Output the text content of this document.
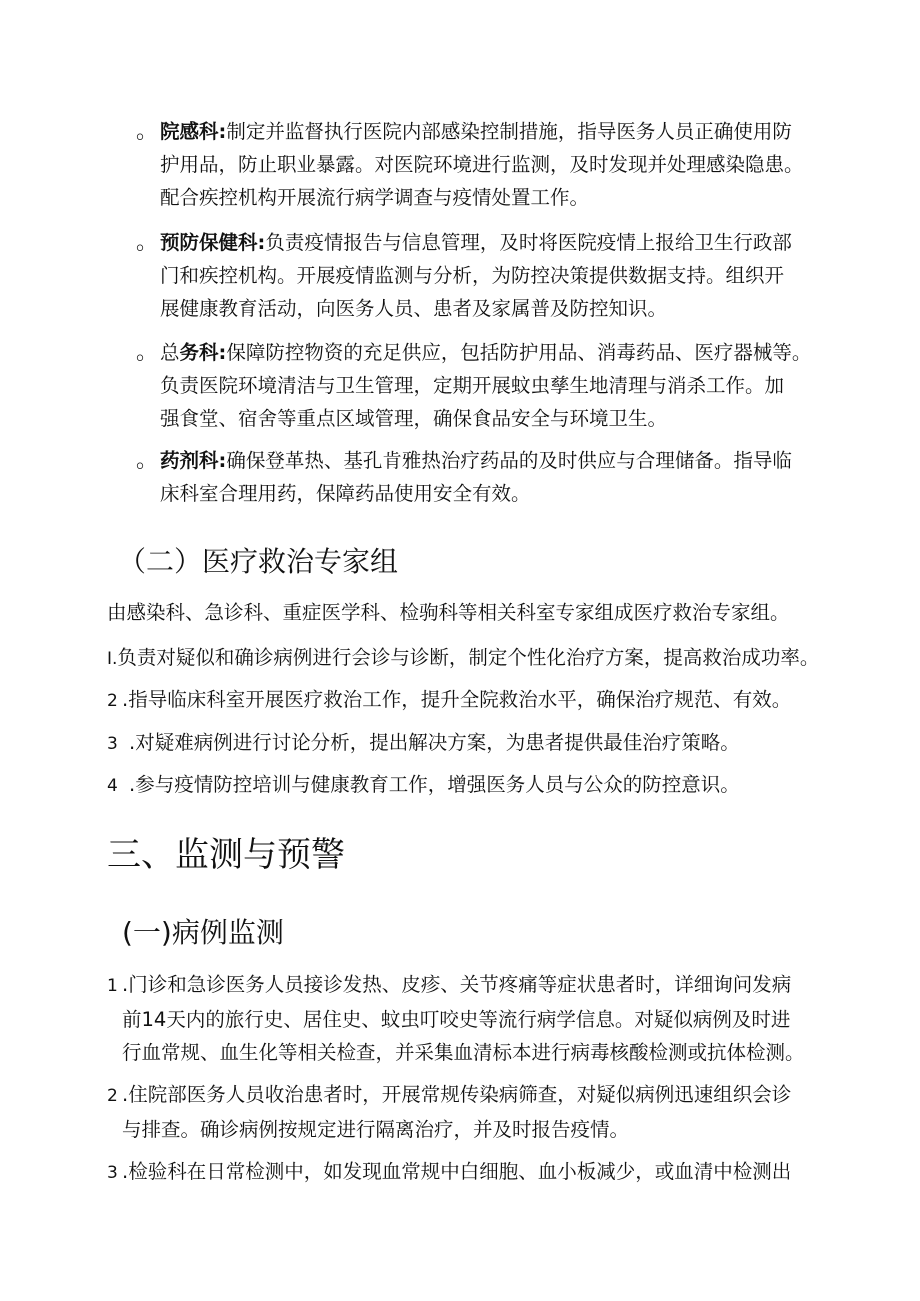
。 院感科:制定并监督执行医院内部感染控制措施，指导医务人员正确使用防
护用品，防止职业暴露。对医院环境进行监测，及时发现并处理感染隐患。
配合疾控机构开展流行病学调查与疫情处置工作。
。 预防保健科:负责疫情报告与信息管理，及时将医院疫情上报给卫生行政部
门和疾控机构。开展疫情监测与分析，为防控决策提供数据支持。组织开
展健康教育活动，向医务人员、患者及家属普及防控知识。
。 总务科:保障防控物资的充足供应，包括防护用品、消毒药品、医疗器械等。
负责医院环境清洁与卫生管理，定期开展蚊虫孳生地清理与消杀工作。加
强食堂、宿舍等重点区域管理，确保食品安全与环境卫生。
。 药剂科:确保登革热、基孔肯雅热治疗药品的及时供应与合理储备。指导临
床科室合理用药，保障药品使用安全有效。
（二）医疗救治专家组
由感染科、急诊科、重症医学科、检驹科等相关科室专家组成医疗救治专家组。
I.负责对疑似和确诊病例进行会诊与诊断，制定个性化治疗方案，提高救治成功率。
2 .指导临床科室开展医疗救治工作，提升全院救治水平，确保治疗规范、有效。
3 .对疑难病例进行讨论分析，提出解决方案，为患者提供最佳治疗策略。
4 .参与疫情防控培训与健康教育工作，增强医务人员与公众的防控意识。
三、监测与预警
(一)病例监测
1 .门诊和急诊医务人员接诊发热、皮疹、关节疼痛等症状患者时，详细询问发病
前14天内的旅行史、居住史、蚊虫叮咬史等流行病学信息。对疑似病例及时进
行血常规、血生化等相关检查，并采集血清标本进行病毒核酸检测或抗体检测。
2 .住院部医务人员收治患者时，开展常规传染病筛查，对疑似病例迅速组织会诊
与排查。确诊病例按规定进行隔离治疗，并及时报告疫情。
3 .检验科在日常检测中，如发现血常规中白细胞、血小板减少，或血清中检测出
